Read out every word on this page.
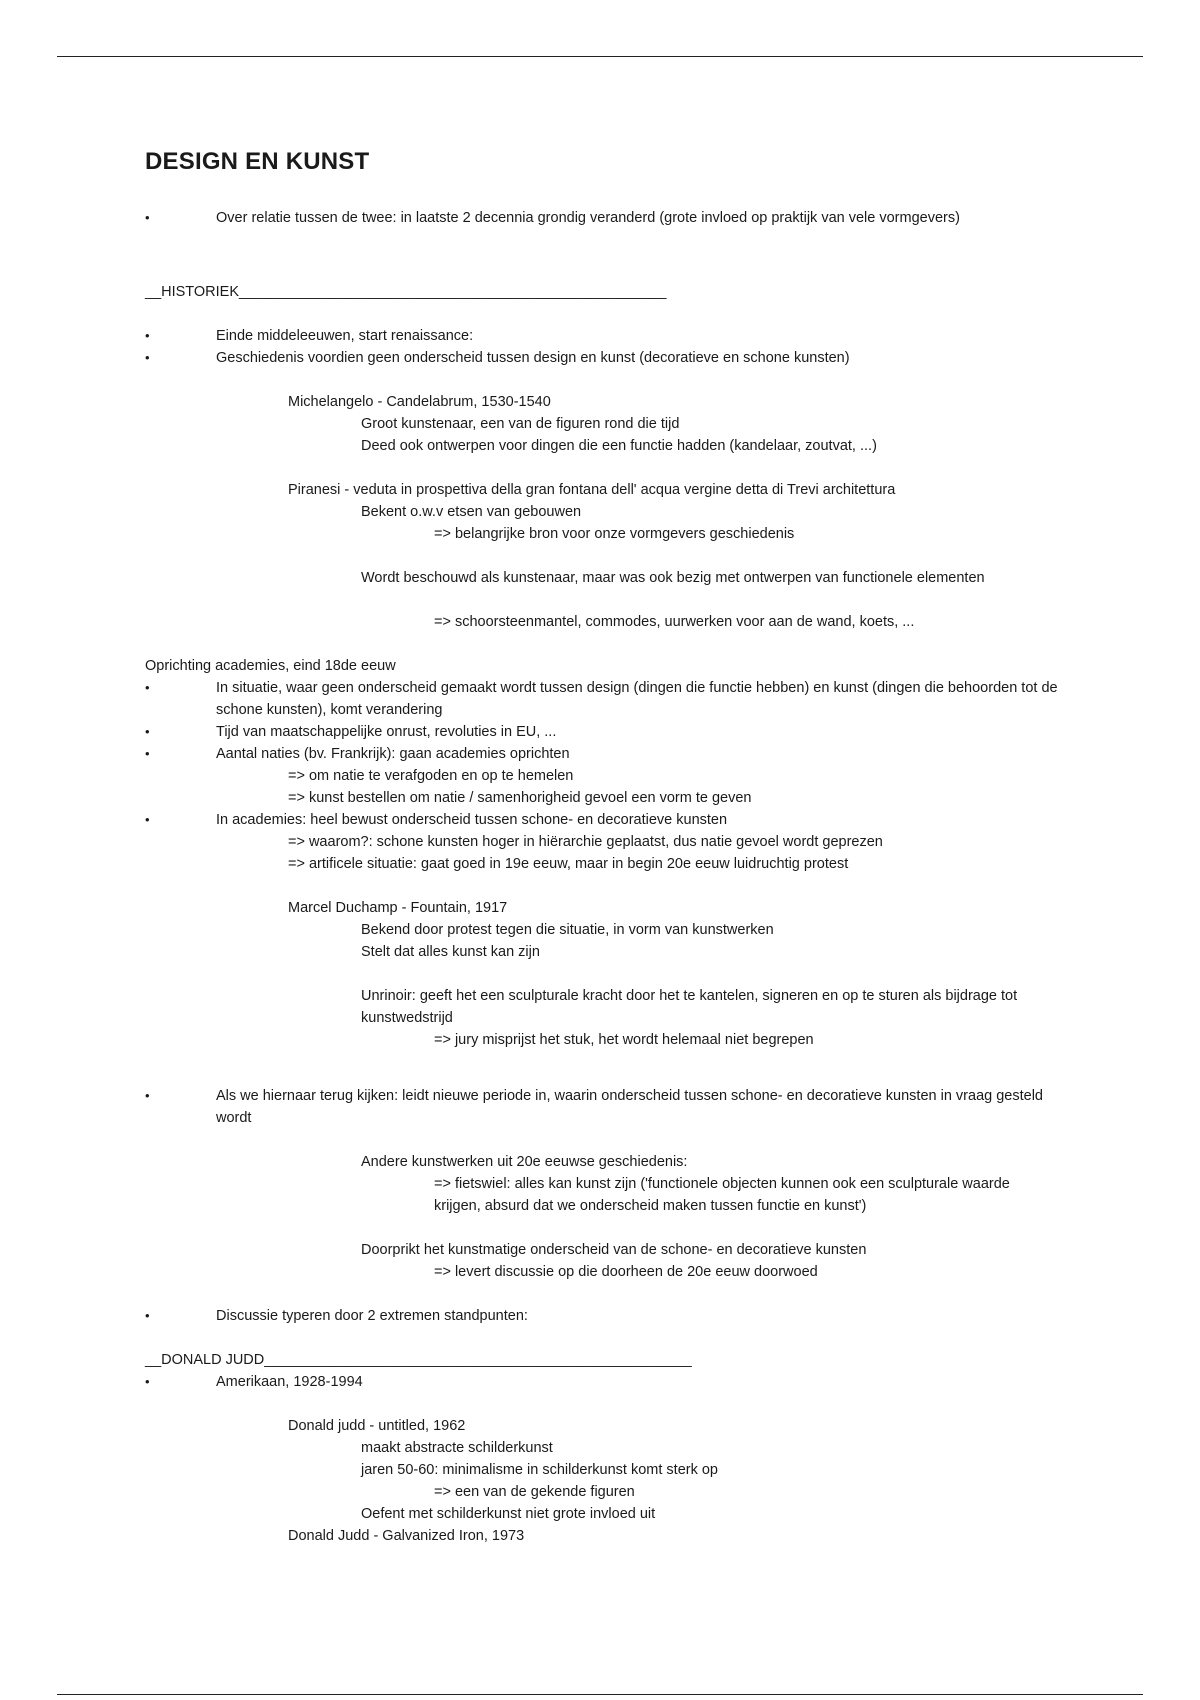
DESIGN EN KUNST
•	Over relatie tussen de twee: in laatste 2 decennia grondig veranderd (grote invloed op praktijk van vele vormgevers)

__HISTORIEK_____________________________________________________

•	Einde middeleeuwen, start renaissance:

•	Geschiedenis voordien geen onderscheid tussen design en kunst (decoratieve en schone kunsten)

Michelangelo - Candelabrum, 1530-1540

Groot kunstenaar, een van de figuren rond die tijd

Deed ook ontwerpen voor dingen die een functie hadden (kandelaar, zoutvat, ...)

Piranesi - veduta in prospettiva della gran fontana dell' acqua vergine detta di Trevi architettura

Bekent o.w.v etsen van gebouwen

=> belangrijke bron voor onze vormgevers geschiedenis

Wordt beschouwd als kunstenaar, maar was ook bezig met ontwerpen van functionele elementen

=> schoorsteenmantel, commodes, uurwerken voor aan de wand, koets, ...

Oprichting academies, eind 18de eeuw

•	In situatie, waar geen onderscheid gemaakt wordt tussen design (dingen die functie hebben) en kunst (dingen die behoorden tot de schone kunsten), komt verandering

•	Tijd van maatschappelijke onrust, revoluties in EU, ...

•	Aantal naties (bv. Frankrijk): gaan academies oprichten

=> om natie te verafgoden en op te hemelen

=> kunst bestellen om natie / samenhorigheid gevoel een vorm te geven

•	In academies: heel bewust onderscheid tussen schone- en decoratieve kunsten

=> waarom?: schone kunsten hoger in hiërarchie geplaatst, dus natie gevoel wordt geprezen

=> artificele situatie: gaat goed in 19e eeuw, maar in begin 20e eeuw luidruchtig protest

Marcel Duchamp - Fountain, 1917

Bekend door protest tegen die situatie, in vorm van kunstwerken

Stelt dat alles kunst kan zijn

Unrinoir: geeft het een sculpturale kracht door het te kantelen, signeren en op te sturen als bijdrage tot kunstwedstrijd

=> jury misprijst het stuk, het wordt helemaal niet begrepen

•	Als we hiernaar terug kijken: leidt nieuwe periode in, waarin onderscheid tussen schone- en decoratieve kunsten in vraag gesteld wordt

Andere kunstwerken uit 20e eeuwse geschiedenis:

=> fietswiel: alles kan kunst zijn ('functionele objecten kunnen ook een sculpturale waarde krijgen, absurd dat we onderscheid maken tussen functie en kunst')

Doorprikt het kunstmatige onderscheid van de schone- en decoratieve kunsten

=> levert discussie op die doorheen de 20e eeuw doorwoed

•	Discussie typeren door 2 extremen standpunten:

__DONALD JUDD_____________________________________________________

•	Amerikaan, 1928-1994

Donald judd - untitled, 1962

maakt abstracte schilderkunst

jaren 50-60: minimalisme in schilderkunst komt sterk op

=> een van de gekende figuren

Oefent met schilderkunst niet grote invloed uit

Donald Judd - Galvanized Iron, 1973
